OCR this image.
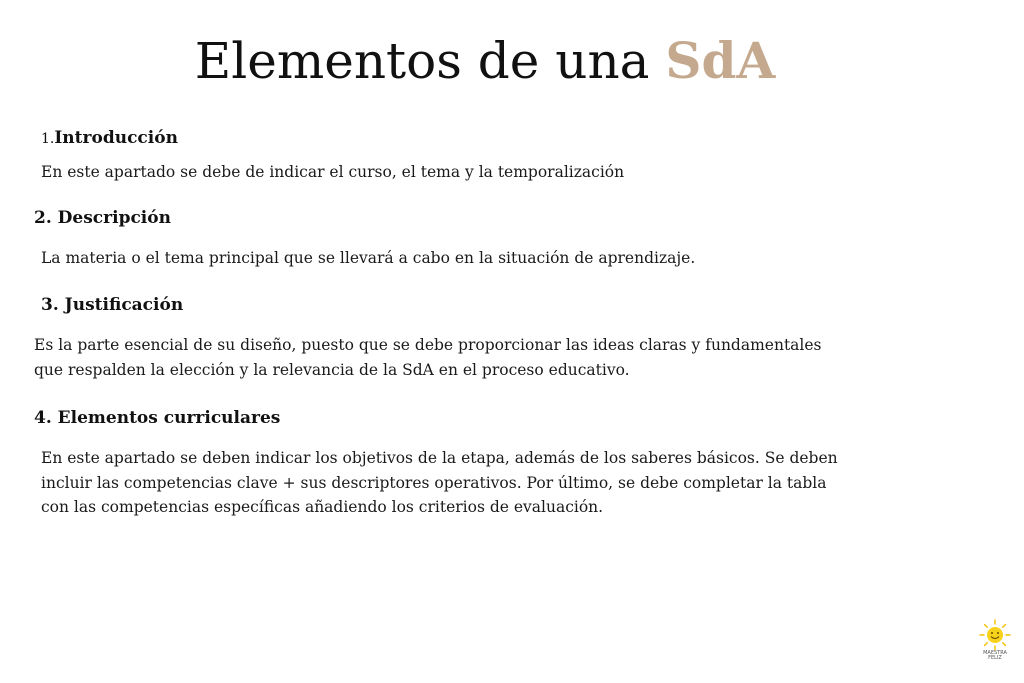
Elementos de una SdA
1.Introducción
En este apartado se debe de indicar el curso, el tema y la temporalización
2. Descripción
La materia o el tema principal que se llevará a cabo en la situación de aprendizaje.
3. Justificación
Es la parte esencial de su diseño, puesto que se debe proporcionar las ideas claras y fundamentales
que respalden la elección y la relevancia de la SdA en el proceso educativo.
4. Elementos curriculares
En este apartado se deben indicar los objetivos de la etapa, además de los saberes básicos. Se deben
incluir las competencias clave + sus descriptores operativos. Por último, se debe completar la tabla
con las competencias específicas añadiendo los criterios de evaluación.
MAESTRA
FELIZ
